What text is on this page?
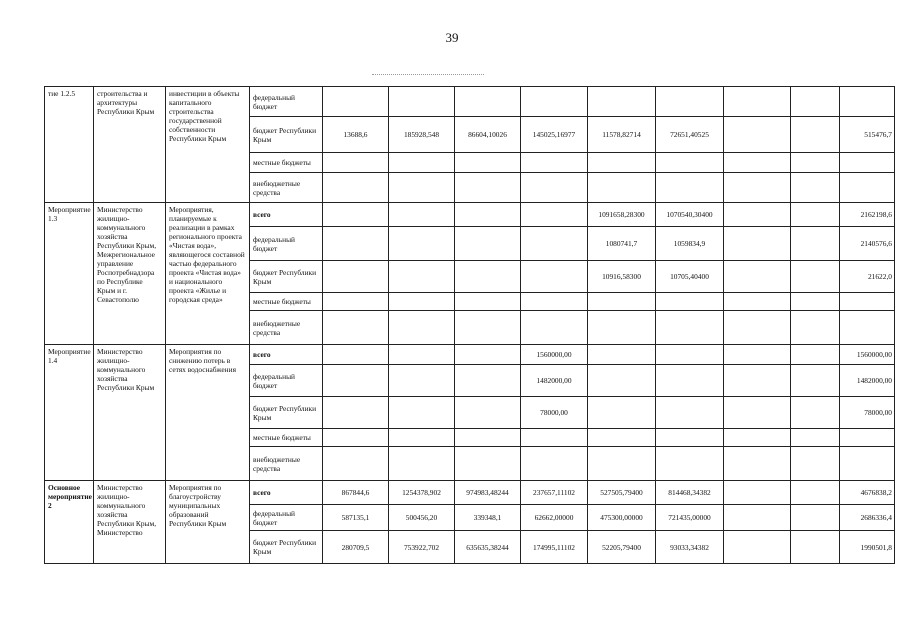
39
тие 1.2.5	строительства и архитектуры Республики Крым	инвестиции в объекты капитального строительства государственной собственности Республики Крым	федеральный бюджет									
			бюджет Республики Крым	13688,6	185928,548	86604,10026	145025,16977	11578,82714	72651,40525			515476,7
			местные бюджеты									
			внебюджетные средства									
Мероприятие 1.3	Министерство жилищно-коммунального хозяйства Республики Крым, Межрегиональное управление Роспотребнадзора по Республике Крым и г. Севастополю	Мероприятия, планируемые к реализации в рамках регионального проекта «Чистая вода», являющегося составной частью федерального проекта «Чистая вода» и национального проекта «Жилье и городская среда»	всего					1091658,28300	1070540,30400			2162198,6
			федеральный бюджет					1080741,7	1059834,9			2140576,6
			бюджет Республики Крым					10916,58300	10705,40400			21622,0
			местные бюджеты									
			внебюджетные средства									
Мероприятие 1.4	Министерство жилищно-коммунального хозяйства Республики Крым	Мероприятия по снижению потерь в сетях водоснабжения	всего				1560000,00					1560000,00
			федеральный бюджет				1482000,00					1482000,00
			бюджет Республики Крым				78000,00					78000,00
			местные бюджеты									
			внебюджетные средства									
Основное мероприятие 2	Министерство жилищно-коммунального хозяйства Республики Крым, Министерство	Мероприятия по благоустройству муниципальных образований Республики Крым	всего	867844,6	1254378,902	974983,48244	237657,11102	527505,79400	814468,34382			4676838,2
			федеральный бюджет	587135,1	500456,20	339348,1	62662,00000	475300,00000	721435,00000			2686336,4
			бюджет Республики Крым	280709,5	753922,702	635635,38244	174995,11102	52205,79400	93033,34382			1990501,8
